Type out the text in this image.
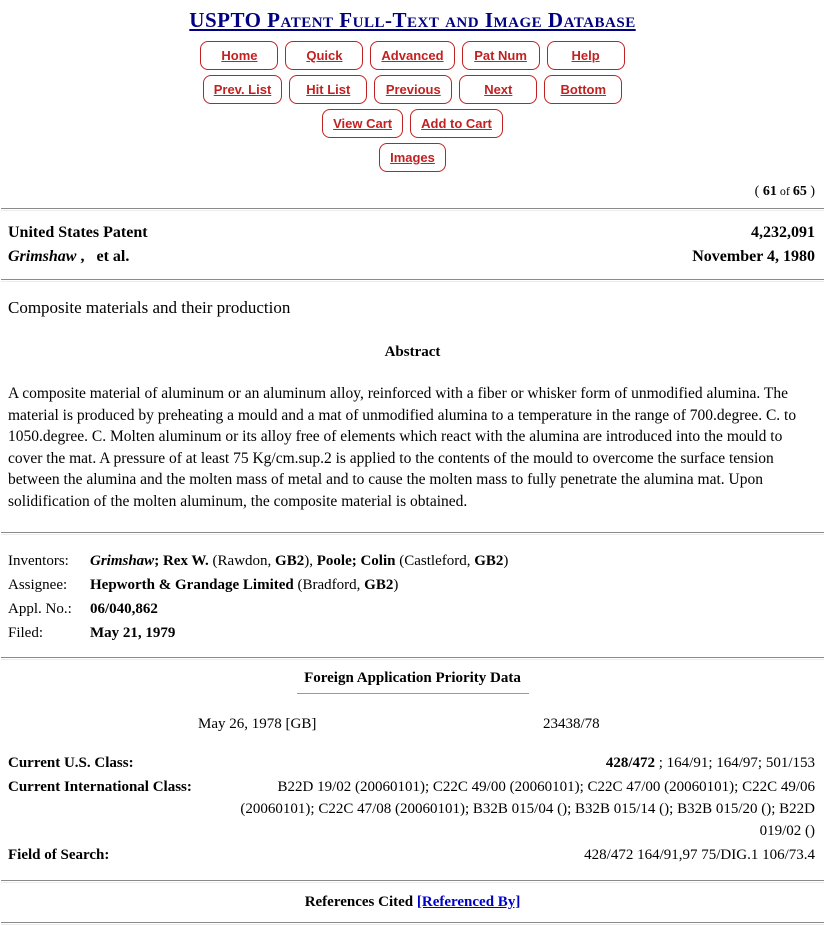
USPTO Patent Full-Text and Image Database
Home	Quick	Advanced	Pat Num	Help
Prev. List	Hit List	Previous	Next	Bottom
View Cart	Add to Cart
Images
( 61 of 65 )
United States Patent	4,232,091
Grimshaw ,   et al.	November 4, 1980
Composite materials and their production
Abstract
A composite material of aluminum or an aluminum alloy, reinforced with a fiber or whisker form of unmodified alumina. The material is produced by preheating a mould and a mat of unmodified alumina to a temperature in the range of 700.degree. C. to 1050.degree. C. Molten aluminum or its alloy free of elements which react with the alumina are introduced into the mould to cover the mat. A pressure of at least 75 Kg/cm.sup.2 is applied to the contents of the mould to overcome the surface tension between the alumina and the molten mass of metal and to cause the molten mass to fully penetrate the alumina mat. Upon solidification of the molten aluminum, the composite material is obtained.
Inventors:	Grimshaw; Rex W. (Rawdon, GB2), Poole; Colin (Castleford, GB2)
Assignee:	Hepworth & Grandage Limited (Bradford, GB2)
Appl. No.:	06/040,862
Filed:	May 21, 1979
Foreign Application Priority Data
May 26, 1978 [GB]	23438/78
Current U.S. Class:	428/472 ; 164/91; 164/97; 501/153
Current International Class:	B22D 19/02 (20060101); C22C 49/00 (20060101); C22C 47/00 (20060101); C22C 49/06 (20060101); C22C 47/08 (20060101); B32B 015/04 (); B32B 015/14 (); B32B 015/20 (); B22D 019/02 ()
Field of Search:	428/472 164/91,97 75/DIG.1 106/73.4
References Cited [Referenced By]
